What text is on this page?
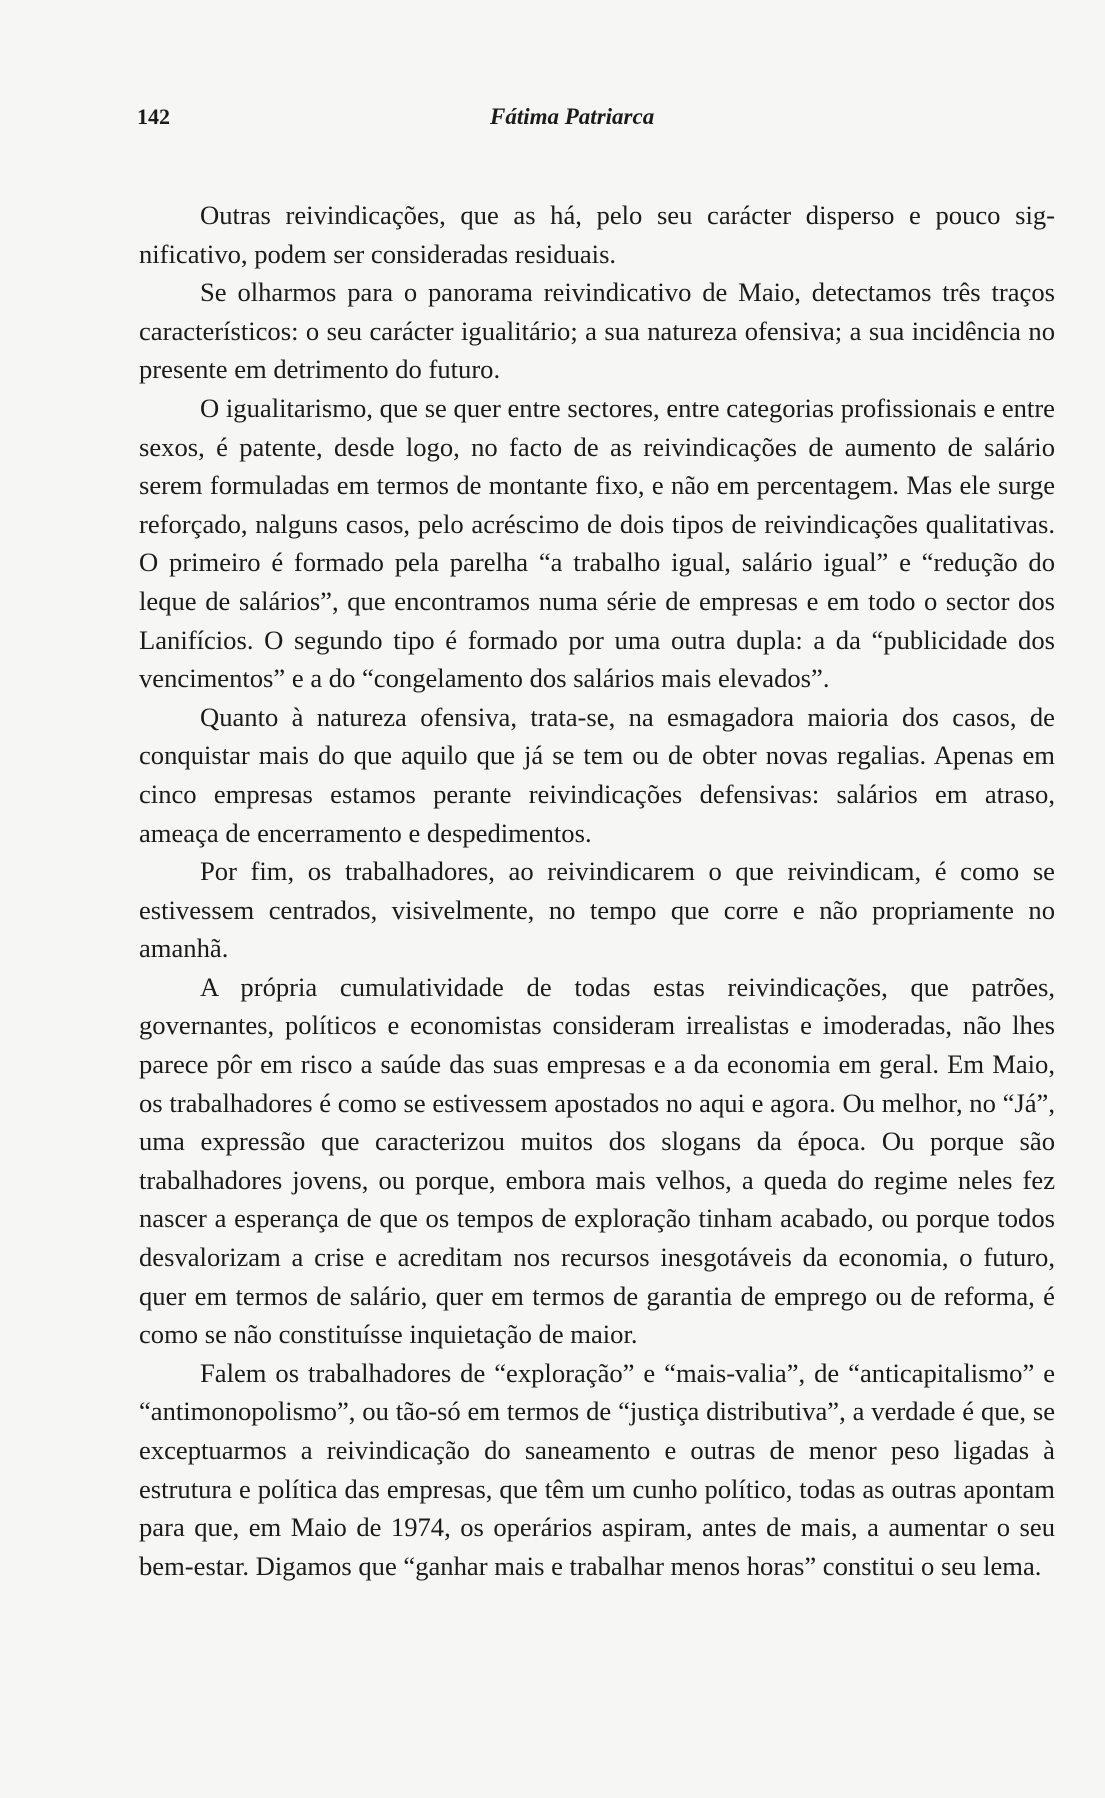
142	Fátima Patriarca

Outras reivindicações, que as há, pelo seu carácter disperso e pouco significativo, podem ser consideradas residuais.

Se olharmos para o panorama reivindicativo de Maio, detectamos três traços característicos: o seu carácter igualitário; a sua natureza ofensiva; a sua incidência no presente em detrimento do futuro.

O igualitarismo, que se quer entre sectores, entre categorias profissionais e entre sexos, é patente, desde logo, no facto de as reivindicações de aumento de salário serem formuladas em termos de montante fixo, e não em percentagem. Mas ele surge reforçado, nalguns casos, pelo acréscimo de dois tipos de reivindicações qualitativas. O primeiro é formado pela parelha “a trabalho igual, salário igual” e “redução do leque de salários”, que encontramos numa série de empresas e em todo o sector dos Lanifícios. O segundo tipo é formado por uma outra dupla: a da “publicidade dos vencimentos” e a do “congelamento dos salários mais elevados”.

Quanto à natureza ofensiva, trata-se, na esmagadora maioria dos casos, de conquistar mais do que aquilo que já se tem ou de obter novas regalias. Apenas em cinco empresas estamos perante reivindicações defensivas: salários em atraso, ameaça de encerramento e despedimentos.

Por fim, os trabalhadores, ao reivindicarem o que reivindicam, é como se estivessem centrados, visivelmente, no tempo que corre e não propriamente no amanhã.

A própria cumulatividade de todas estas reivindicações, que patrões, governantes, políticos e economistas consideram irrealistas e imoderadas, não lhes parece pôr em risco a saúde das suas empresas e a da economia em geral. Em Maio, os trabalhadores é como se estivessem apostados no aqui e agora. Ou melhor, no “Já”, uma expressão que caracterizou muitos dos slogans da época. Ou porque são trabalhadores jovens, ou porque, embora mais velhos, a queda do regime neles fez nascer a esperança de que os tempos de exploração tinham acabado, ou porque todos desvalorizam a crise e acreditam nos recursos inesgotáveis da economia, o futuro, quer em termos de salário, quer em termos de garantia de emprego ou de reforma, é como se não constituísse inquietação de maior.

Falem os trabalhadores de “exploração” e “mais-valia”, de “anticapitalismo” e “antimonopolismo”, ou tão-só em termos de “justiça distributiva”, a verdade é que, se exceptuarmos a reivindicação do saneamento e outras de menor peso ligadas à estrutura e política das empresas, que têm um cunho político, todas as outras apontam para que, em Maio de 1974, os operários aspiram, antes de mais, a aumentar o seu bem-estar. Digamos que “ganhar mais e trabalhar menos horas” constitui o seu lema.
